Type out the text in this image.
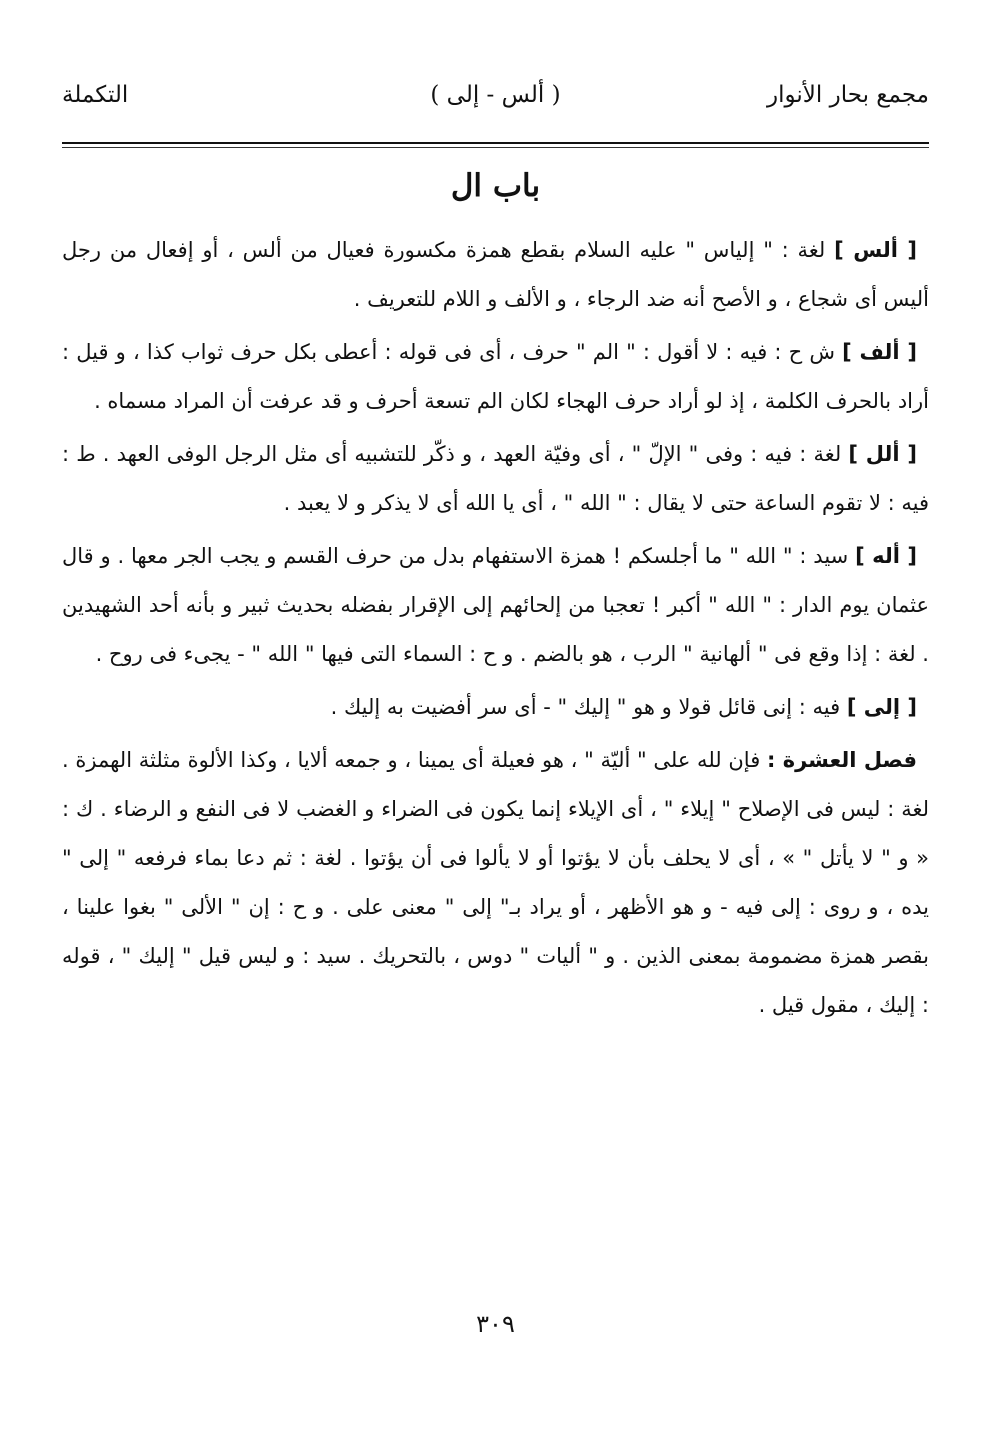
مجمع بحار الأنوار
( ألس - إلى )
التكملة
باب ال

[ ألس ] لغة : " إلياس " عليه السلام بقطع همزة مكسورة فعيال من ألس ، أو إفعال من رجل أليس أى شجاع ، و الأصح أنه ضد الرجاء ، و الألف و اللام للتعريف .

[ ألف ] ش ح : فيه : لا أقول : " الم " حرف ، أى فى قوله : أعطى بكل حرف ثواب كذا ، و قيل : أراد بالحرف الكلمة ، إذ لو أراد حرف الهجاء لكان الم تسعة أحرف و قد عرفت أن المراد مسماه .

[ ألل ] لغة : فيه : وفى " الإلّ " ، أى وفيّة العهد ، و ذكّر للتشبيه أى مثل الرجل الوفى العهد . ط : فيه : لا تقوم الساعة حتى لا يقال : " الله " ، أى يا الله أى لا يذكر و لا يعبد .

[ أله ] سيد : " الله " ما أجلسكم ! همزة الاستفهام بدل من حرف القسم و يجب الجر معها . و قال عثمان يوم الدار : " الله " أكبر ! تعجبا من إلحائهم إلى الإقرار بفضله بحديث ثبير و بأنه أحد الشهيدين . لغة : إذا وقع فى " ألهانية " الرب ، هو بالضم . و ح : السماء التى فيها " الله " - يجىء فى روح .

[ إلى ] فيه : إنى قائل قولا و هو " إليك " - أى سر أفضيت به إليك .

فصل العشرة : فإن لله على " أليّة " ، هو فعيلة أى يمينا ، و جمعه ألايا ، وكذا الألوة مثلثة الهمزة . لغة : ليس فى الإصلاح " إيلاء " ، أى الإيلاء إنما يكون فى الضراء و الغضب لا فى النفع و الرضاء . ك : « و " لا يأتل " » ، أى لا يحلف بأن لا يؤتوا أو لا يألوا فى أن يؤتوا . لغة : ثم دعا بماء فرفعه " إلى " يده ، و روى : إلى فيه - و هو الأظهر ، أو يراد بـ" إلى " معنى على . و ح : إن " الألى " بغوا علينا ، بقصر همزة مضمومة بمعنى الذين . و " أليات " دوس ، بالتحريك . سيد : و ليس قيل " إليك " ، قوله : إليك ، مقول قيل .

٣٠٩
